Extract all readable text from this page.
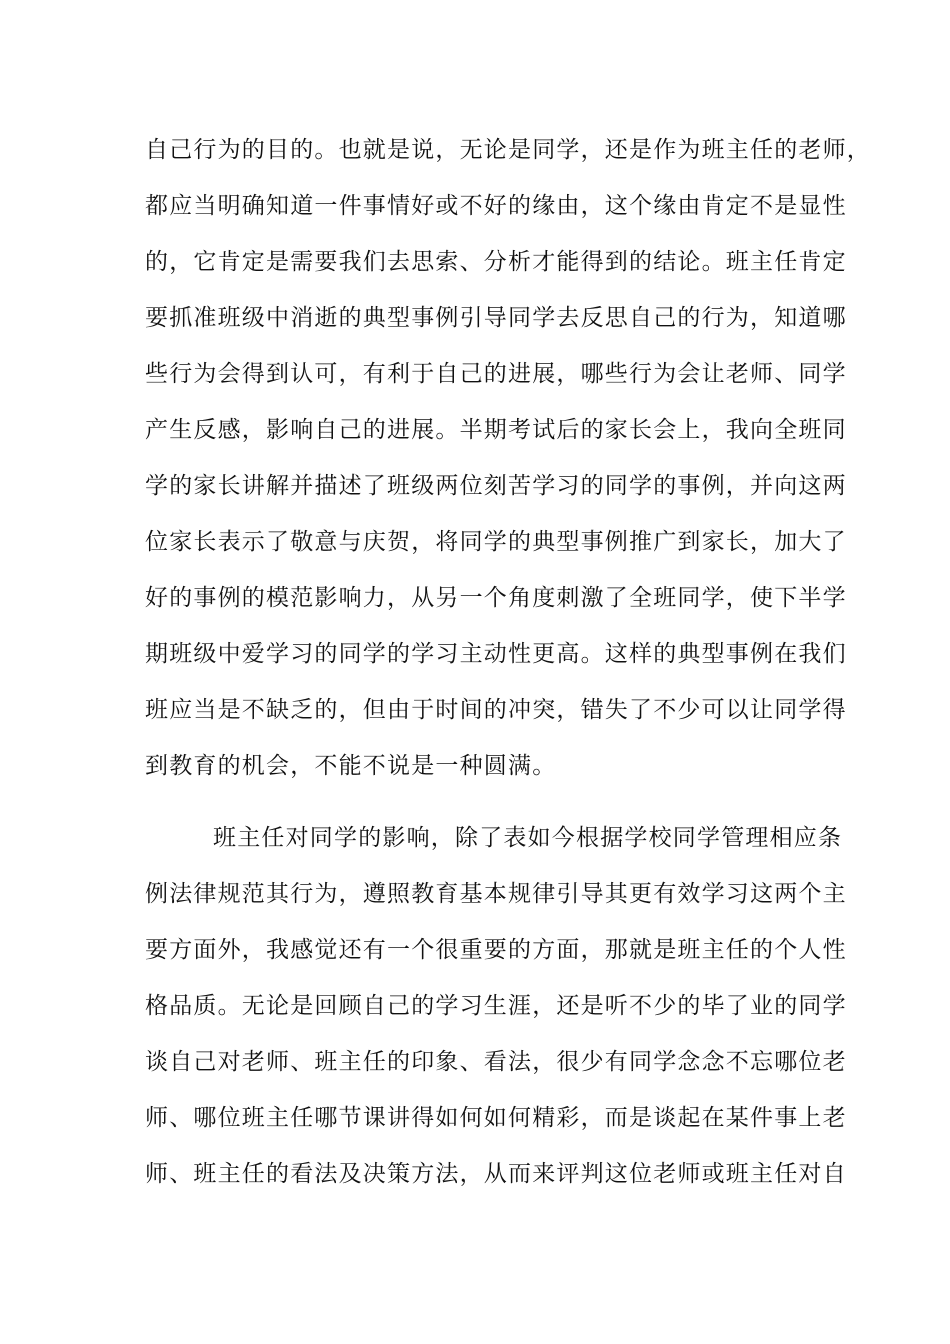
自己行为的目的。也就是说，无论是同学，还是作为班主任的老师，
都应当明确知道一件事情好或不好的缘由，这个缘由肯定不是显性
的，它肯定是需要我们去思索、分析才能得到的结论。班主任肯定
要抓准班级中消逝的典型事例引导同学去反思自己的行为，知道哪
些行为会得到认可，有利于自己的进展，哪些行为会让老师、同学
产生反感，影响自己的进展。半期考试后的家长会上，我向全班同
学的家长讲解并描述了班级两位刻苦学习的同学的事例，并向这两
位家长表示了敬意与庆贺，将同学的典型事例推广到家长，加大了
好的事例的模范影响力，从另一个角度刺激了全班同学，使下半学
期班级中爱学习的同学的学习主动性更高。这样的典型事例在我们
班应当是不缺乏的，但由于时间的冲突，错失了不少可以让同学得
到教育的机会，不能不说是一种圆满。

班主任对同学的影响，除了表如今根据学校同学管理相应条
例法律规范其行为，遵照教育基本规律引导其更有效学习这两个主
要方面外，我感觉还有一个很重要的方面，那就是班主任的个人性
格品质。无论是回顾自己的学习生涯，还是听不少的毕了业的同学
谈自己对老师、班主任的印象、看法，很少有同学念念不忘哪位老
师、哪位班主任哪节课讲得如何如何精彩，而是谈起在某件事上老
师、班主任的看法及决策方法，从而来评判这位老师或班主任对自
